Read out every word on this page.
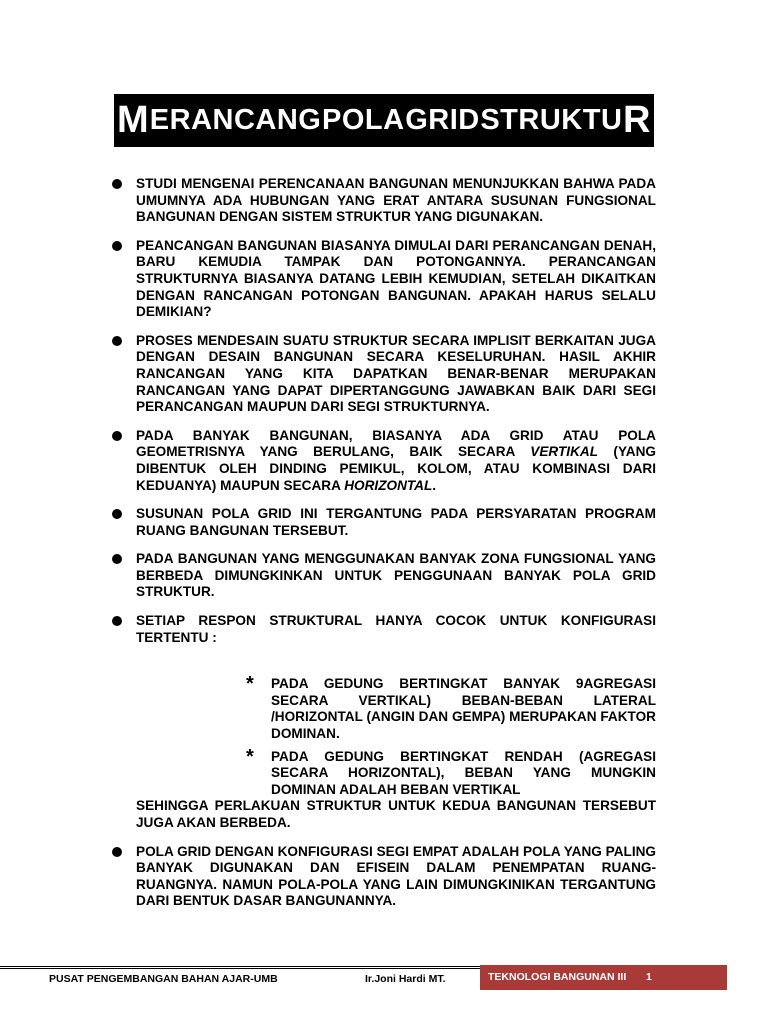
M ERANCANG POLA GRID STRUKTU R
STUDI MENGENAI PERENCANAAN BANGUNAN MENUNJUKKAN BAHWA PADA UMUMNYA ADA HUBUNGAN YANG ERAT ANTARA SUSUNAN FUNGSIONAL BANGUNAN DENGAN SISTEM STRUKTUR YANG DIGUNAKAN.
PEANCANGAN BANGUNAN BIASANYA DIMULAI DARI PERANCANGAN DENAH, BARU KEMUDIA TAMPAK DAN POTONGANNYA. PERANCANGAN STRUKTURNYA BIASANYA DATANG LEBIH KEMUDIAN, SETELAH DIKAITKAN DENGAN RANCANGAN POTONGAN BANGUNAN. APAKAH HARUS SELALU DEMIKIAN?
PROSES MENDESAIN SUATU STRUKTUR SECARA IMPLISIT BERKAITAN JUGA DENGAN DESAIN BANGUNAN SECARA KESELURUHAN. HASIL AKHIR RANCANGAN YANG KITA DAPATKAN BENAR-BENAR MERUPAKAN RANCANGAN YANG DAPAT DIPERTANGGUNG JAWABKAN BAIK DARI SEGI PERANCANGAN MAUPUN DARI SEGI STRUKTURNYA.
PADA BANYAK BANGUNAN, BIASANYA ADA GRID ATAU POLA GEOMETRISNYA YANG BERULANG, BAIK SECARA VERTIKAL (YANG DIBENTUK OLEH DINDING PEMIKUL, KOLOM, ATAU KOMBINASI DARI KEDUANYA) MAUPUN SECARA HORIZONTAL.
SUSUNAN POLA GRID INI TERGANTUNG PADA PERSYARATAN PROGRAM RUANG BANGUNAN TERSEBUT.
PADA BANGUNAN YANG MENGGUNAKAN BANYAK ZONA FUNGSIONAL YANG BERBEDA DIMUNGKINKAN UNTUK PENGGUNAAN BANYAK POLA GRID STRUKTUR.
SETIAP RESPON STRUKTURAL HANYA COCOK UNTUK KONFIGURASI TERTENTU :
* PADA GEDUNG BERTINGKAT BANYAK 9AGREGASI SECARA VERTIKAL) BEBAN-BEBAN LATERAL /HORIZONTAL (ANGIN DAN GEMPA) MERUPAKAN FAKTOR DOMINAN.
* PADA GEDUNG BERTINGKAT RENDAH (AGREGASI SECARA HORIZONTAL), BEBAN YANG MUNGKIN DOMINAN ADALAH BEBAN VERTIKAL
SEHINGGA PERLAKUAN STRUKTUR UNTUK KEDUA BANGUNAN TERSEBUT JUGA AKAN BERBEDA.
POLA GRID DENGAN KONFIGURASI SEGI EMPAT ADALAH POLA YANG PALING BANYAK DIGUNAKAN DAN EFISEIN DALAM PENEMPATAN RUANG-RUANGNYA. NAMUN POLA-POLA YANG LAIN DIMUNGKINIKAN TERGANTUNG DARI BENTUK DASAR BANGUNANNYA.
PUSAT PENGEMBANGAN BAHAN AJAR-UMB	Ir.Joni Hardi MT.	TEKNOLOGI BANGUNAN III 1
